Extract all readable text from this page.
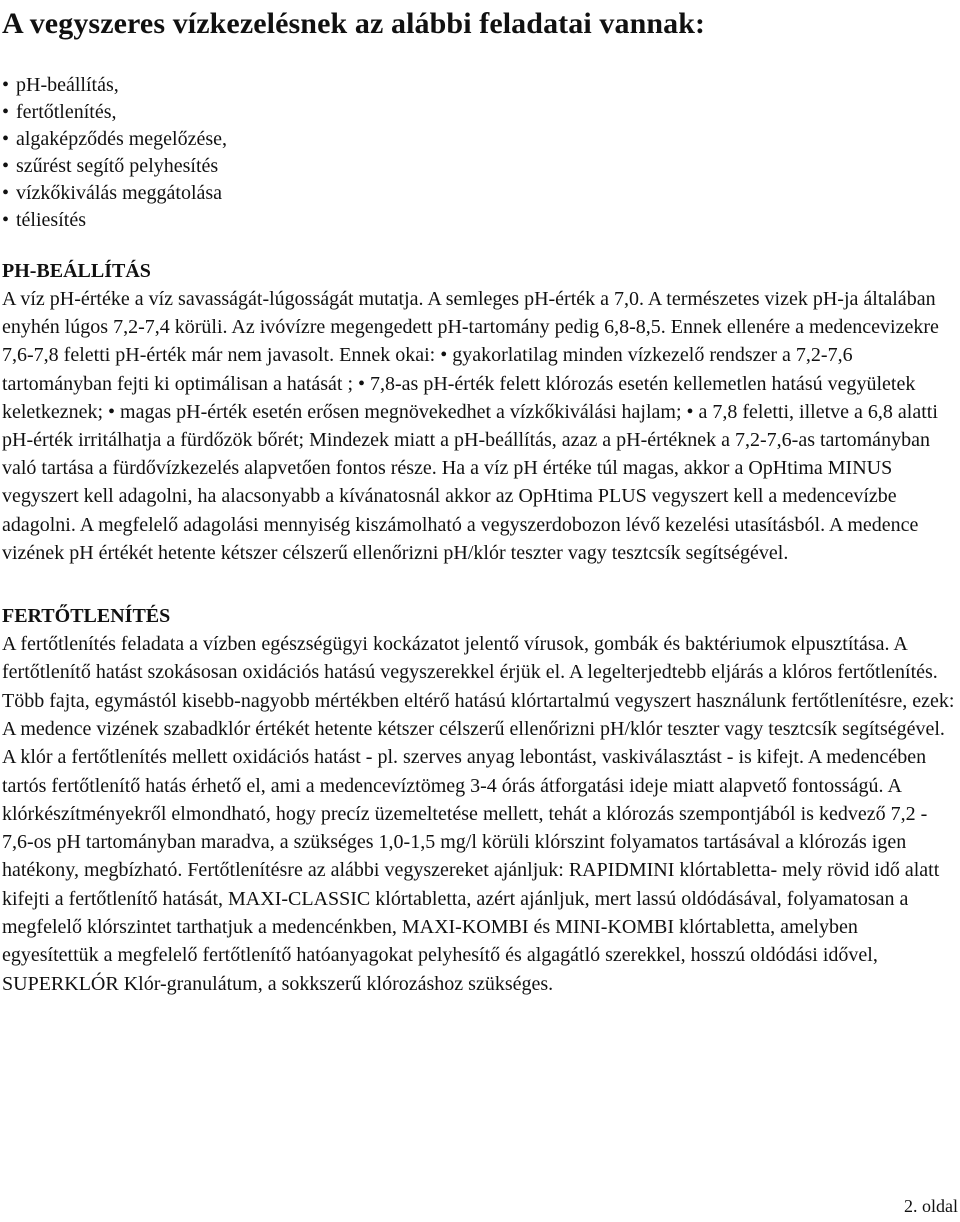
A vegyszeres vízkezelésnek az alábbi feladatai vannak:
• pH-beállítás,
• fertőtlenítés,
• algaképződés megelőzése,
• szűrést segítő pelyhesítés
• vízkőkiválás meggátolása
• téliesítés
PH-BEÁLLÍTÁS

A víz pH-értéke a víz savasságát-lúgosságát mutatja. A semleges pH-érték a 7,0. A természetes vizek pH-ja általában enyhén lúgos 7,2-7,4 körüli. Az ivóvízre megengedett pH-tartomány pedig 6,8-8,5. Ennek ellenére a medencevizekre 7,6-7,8 feletti pH-érték már nem javasolt. Ennek okai: • gyakorlatilag minden vízkezelő rendszer a 7,2-7,6 tartományban fejti ki optimálisan a hatását ; • 7,8-as pH-érték felett klórozás esetén kellemetlen hatású vegyületek keletkeznek; • magas pH-érték esetén erősen megnövekedhet a vízkőkiválási hajlam; • a 7,8 feletti, illetve a 6,8 alatti pH-érték irritálhatja a fürdőzök bőrét; Mindezek miatt a pH-beállítás, azaz a pH-értéknek a 7,2-7,6-as tartományban való tartása a fürdővízkezelés alapvetően fontos része. Ha a víz pH értéke túl magas, akkor a OpHtima MINUS vegyszert kell adagolni, ha alacsonyabb a kívánatosnál akkor az OpHtima PLUS vegyszert kell a medencevízbe adagolni. A megfelelő adagolási mennyiség kiszámolható a vegyszerdobozon lévő kezelési utasításból. A medence vizének pH értékét hetente kétszer célszerű ellenőrizni pH/klór teszter vagy tesztcsík segítségével.

FERTŐTLENÍTÉS

A fertőtlenítés feladata a vízben egészségügyi kockázatot jelentő vírusok, gombák és baktériumok elpusztítása. A fertőtlenítő hatást szokásosan oxidációs hatású vegyszerekkel érjük el. A legelterjedtebb eljárás a klóros fertőtlenítés. Több fajta, egymástól kisebb-nagyobb mértékben eltérő hatású klórtartalmú vegyszert használunk fertőtlenítésre, ezek: A medence vizének szabadklór értékét hetente kétszer célszerű ellenőrizni pH/klór teszter vagy tesztcsík segítségével. A klór a fertőtlenítés mellett oxidációs hatást - pl. szerves anyag lebontást, vaskiválasztást - is kifejt. A medencében tartós fertőtlenítő hatás érhető el, ami a medencevíztömeg 3-4 órás átforgatási ideje miatt alapvető fontosságú. A klórkészítményekről elmondható, hogy precíz üzemeltetése mellett, tehát a klórozás szempontjából is kedvező 7,2 - 7,6-os pH tartományban maradva, a szükséges 1,0-1,5 mg/l körüli klórszint folyamatos tartásával a klórozás igen hatékony, megbízható. Fertőtlenítésre az alábbi vegyszereket ajánljuk: RAPIDMINI klórtabletta- mely rövid idő alatt kifejti a fertőtlenítő hatását, MAXI-CLASSIC klórtabletta, azért ajánljuk, mert lassú oldódásával, folyamatosan a megfelelő klórszintet tarthatjuk a medencénkben, MAXI-KOMBI és MINI-KOMBI klórtabletta, amelyben egyesítettük a megfelelő fertőtlenítő hatóanyagokat pelyhesítő és algagátló szerekkel, hosszú oldódási idővel, SUPERKLÓR Klór-granulátum, a sokkszerű klórozáshoz szükséges.

2. oldal
